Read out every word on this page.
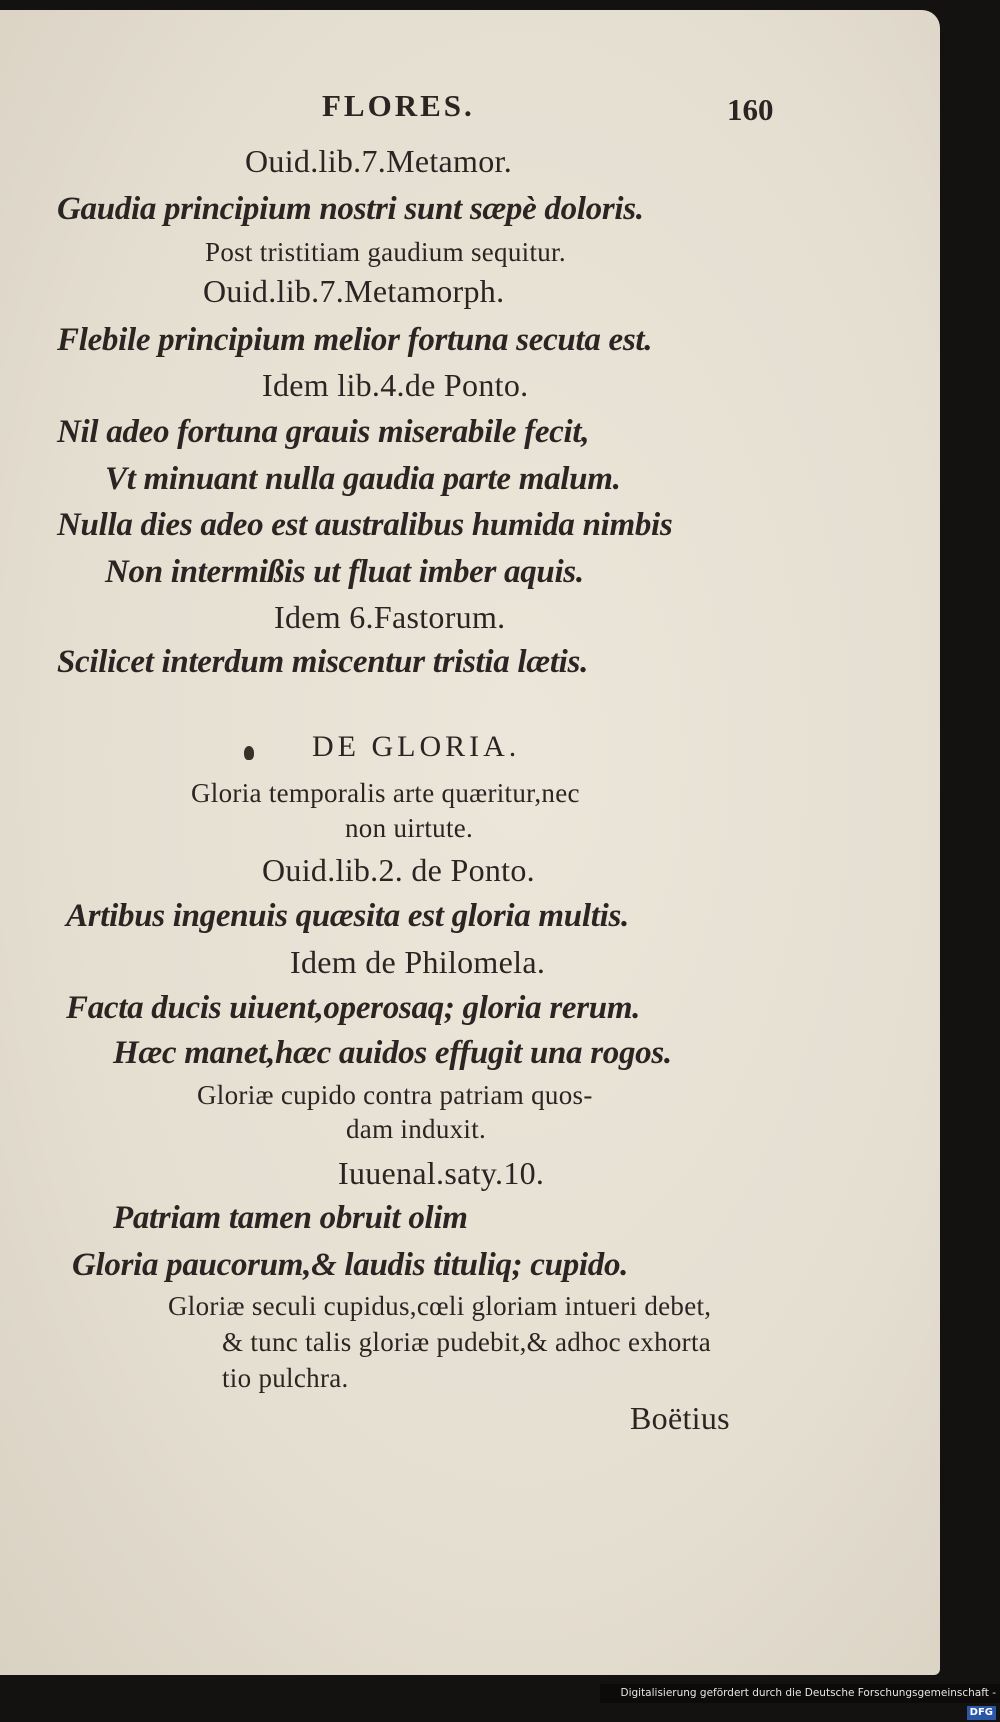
FLORES.	160
Ouid.lib.7.Metamor.
Gaudia principium nostri sunt sæpè doloris.
Post tristitiam gaudium sequitur.
Ouid.lib.7.Metamorph.
Flebile principium melior fortuna secuta est.
Idem lib.4.de Ponto.
Nil adeo fortuna grauis miserabile fecit,
Vt minuant nulla gaudia parte malum.
Nulla dies adeo est australibus humida nimbis
Non intermißis ut fluat imber aquis.
Idem 6.Fastorum.
Scilicet interdum miscentur tristia lætis.
DE GLORIA.
Gloria temporalis arte quæritur,nec
non uirtute.
Ouid.lib.2. de Ponto.
Artibus ingenuis quæsita est gloria multis.
Idem de Philomela.
Facta ducis uiuent,operosaq; gloria rerum.
Hæc manet,hæc auidos effugit una rogos.
Gloriæ cupido contra patriam quos-
dam induxit.
Iuuenal.saty.10.
Patriam tamen obruit olim
Gloria paucorum,& laudis tituliq; cupido.
Gloriæ seculi cupidus,cœli gloriam intueri debet,
& tunc talis gloriæ pudebit,& adhoc exhorta
tio pulchra.
Boëtius
Digitalisierung gefördert durch die Deutsche Forschungsgemeinschaft -DFG
